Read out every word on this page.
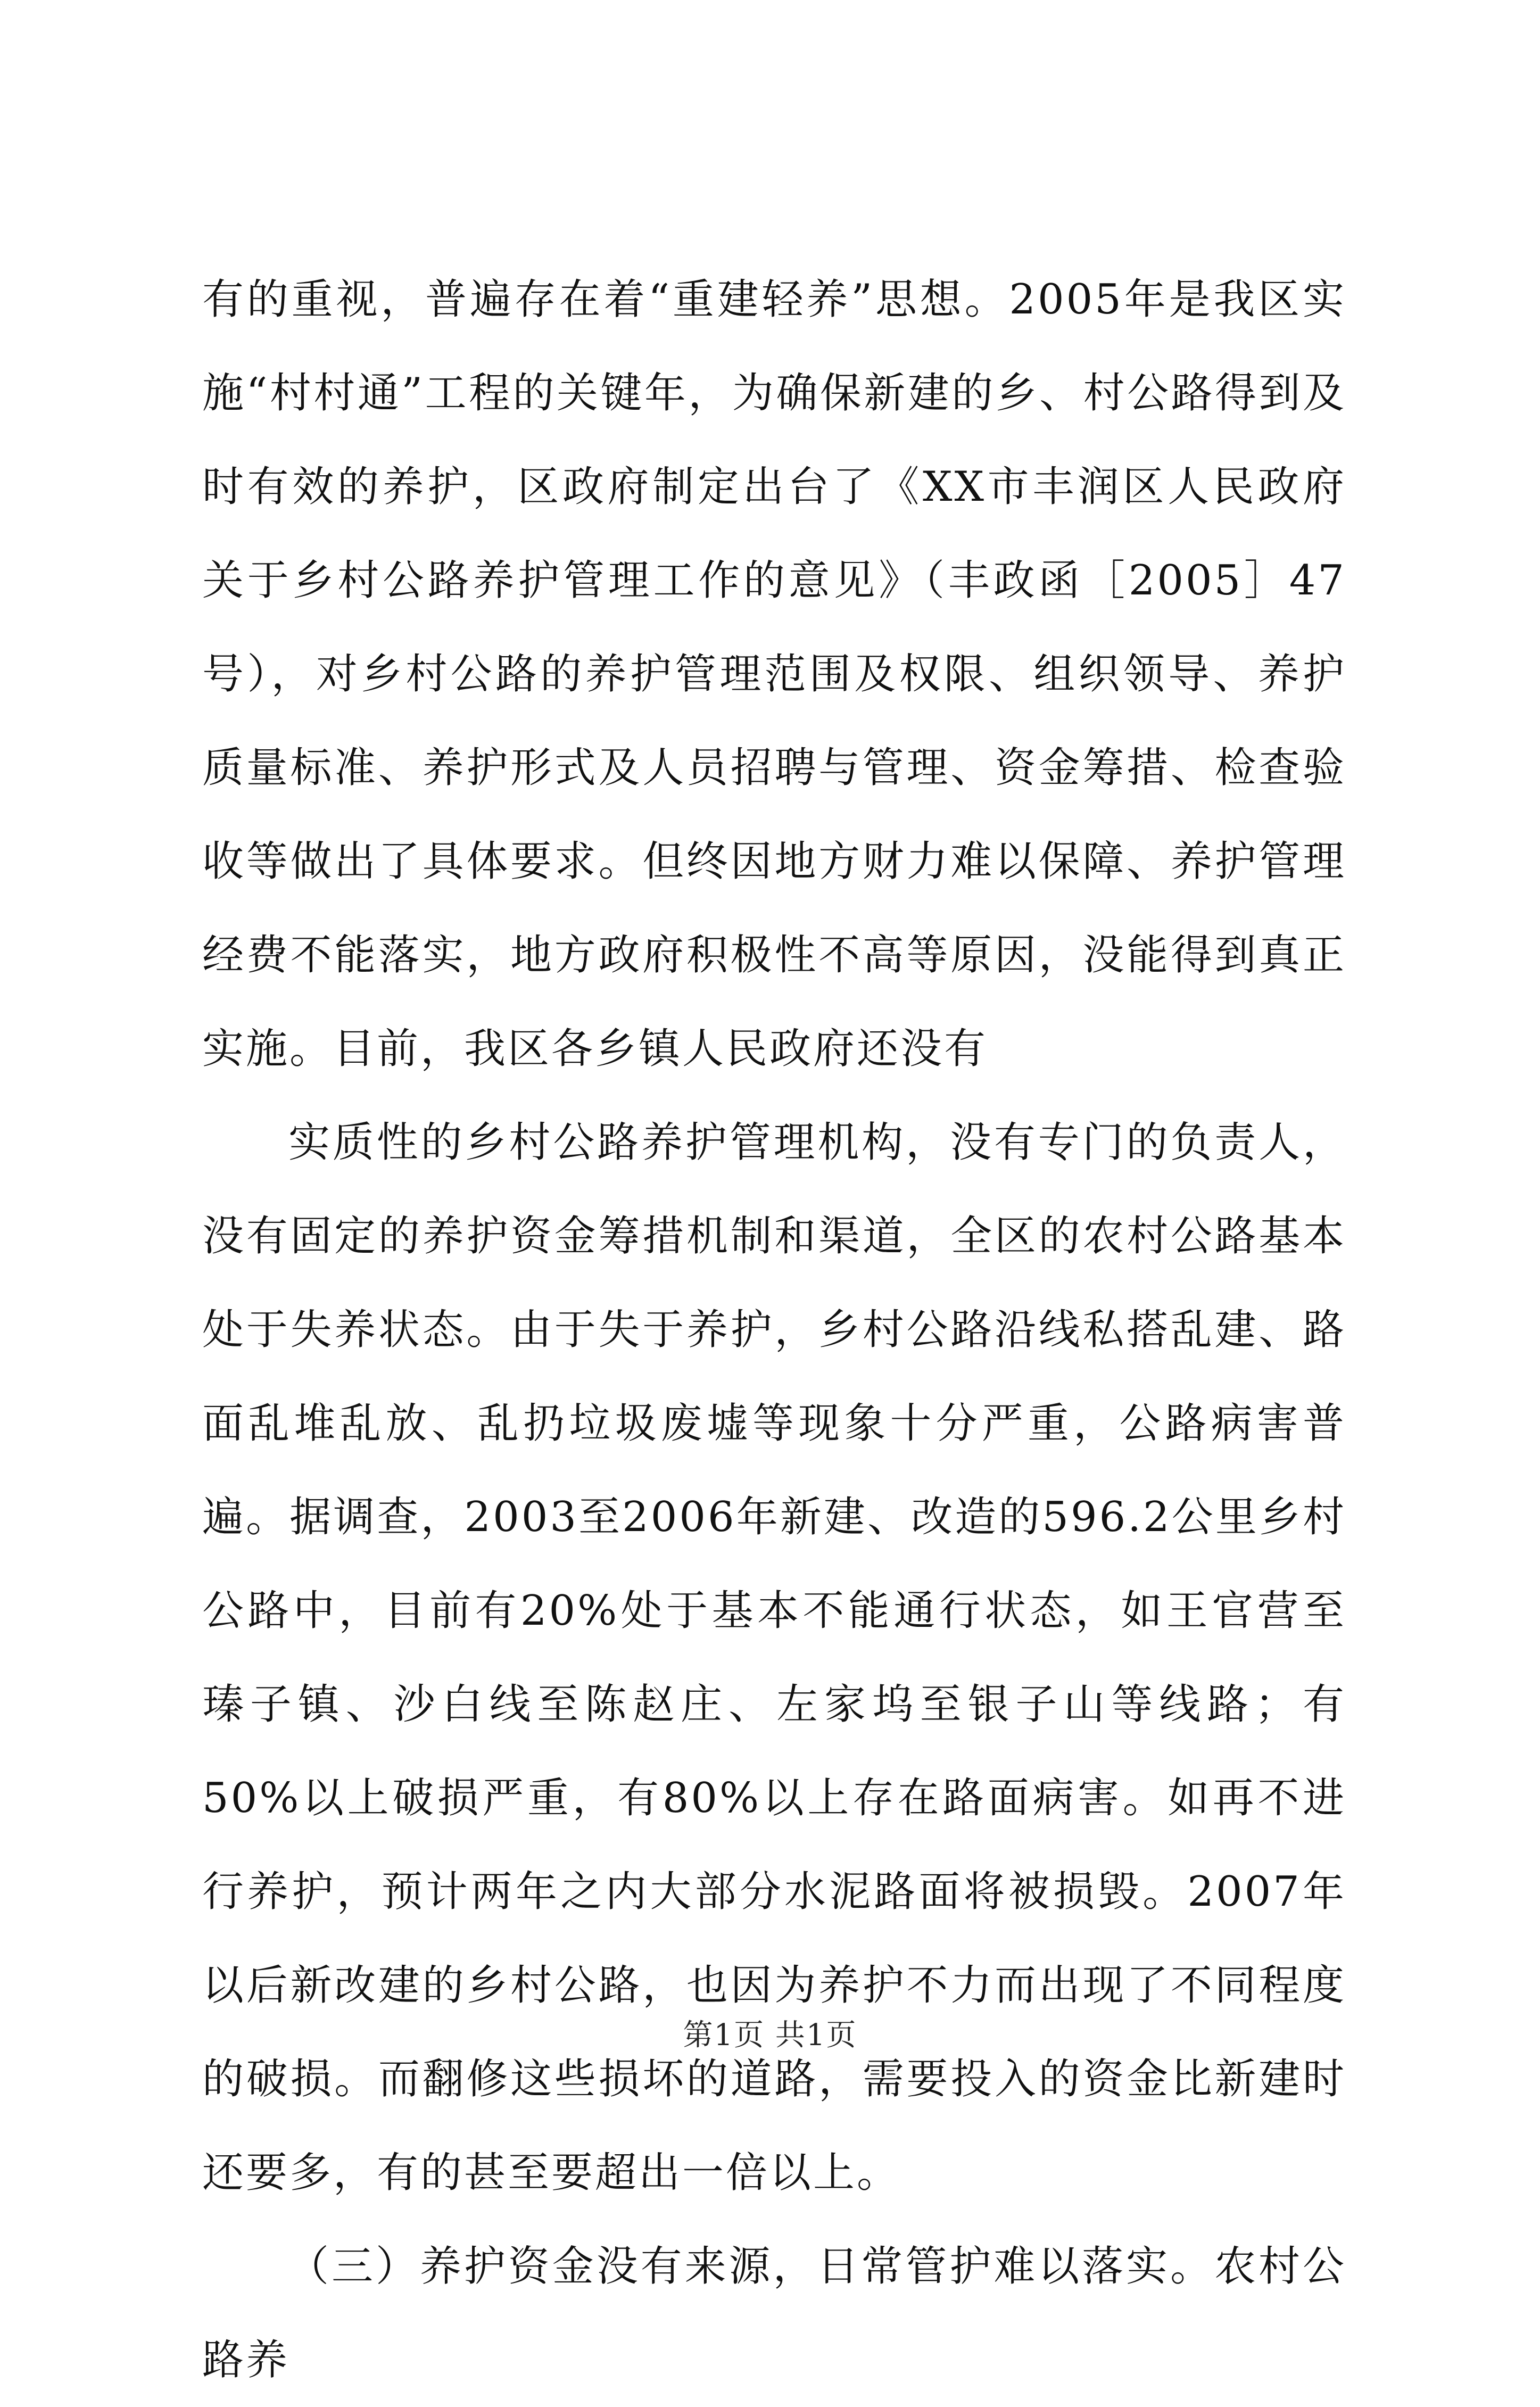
有的重视，普遍存在着“重建轻养”思想。2005年是我区实施“村村通”工程的关键年，为确保新建的乡、村公路得到及时有效的养护，区政府制定出台了《XX市丰润区人民政府关于乡村公路养护管理工作的意见》（丰政函［2005］47号），对乡村公路的养护管理范围及权限、组织领导、养护质量标准、养护形式及人员招聘与管理、资金筹措、检查验收等做出了具体要求。但终因地方财力难以保障、养护管理经费不能落实，地方政府积极性不高等原因，没能得到真正实施。目前，我区各乡镇人民政府还没有

实质性的乡村公路养护管理机构，没有专门的负责人，没有固定的养护资金筹措机制和渠道，全区的农村公路基本处于失养状态。由于失于养护，乡村公路沿线私搭乱建、路面乱堆乱放、乱扔垃圾废墟等现象十分严重，公路病害普遍。据调查，2003至2006年新建、改造的596.2公里乡村公路中，目前有20%处于基本不能通行状态，如王官营至瑧子镇、沙白线至陈赵庄、左家坞至银子山等线路；有50%以上破损严重，有80%以上存在路面病害。如再不进行养护，预计两年之内大部分水泥路面将被损毁。2007年以后新改建的乡村公路，也因为养护不力而出现了不同程度的破损。而翻修这些损坏的道路，需要投入的资金比新建时还要多，有的甚至要超出一倍以上。

（三）养护资金没有来源，日常管护难以落实。农村公路养

第1页 共1页
